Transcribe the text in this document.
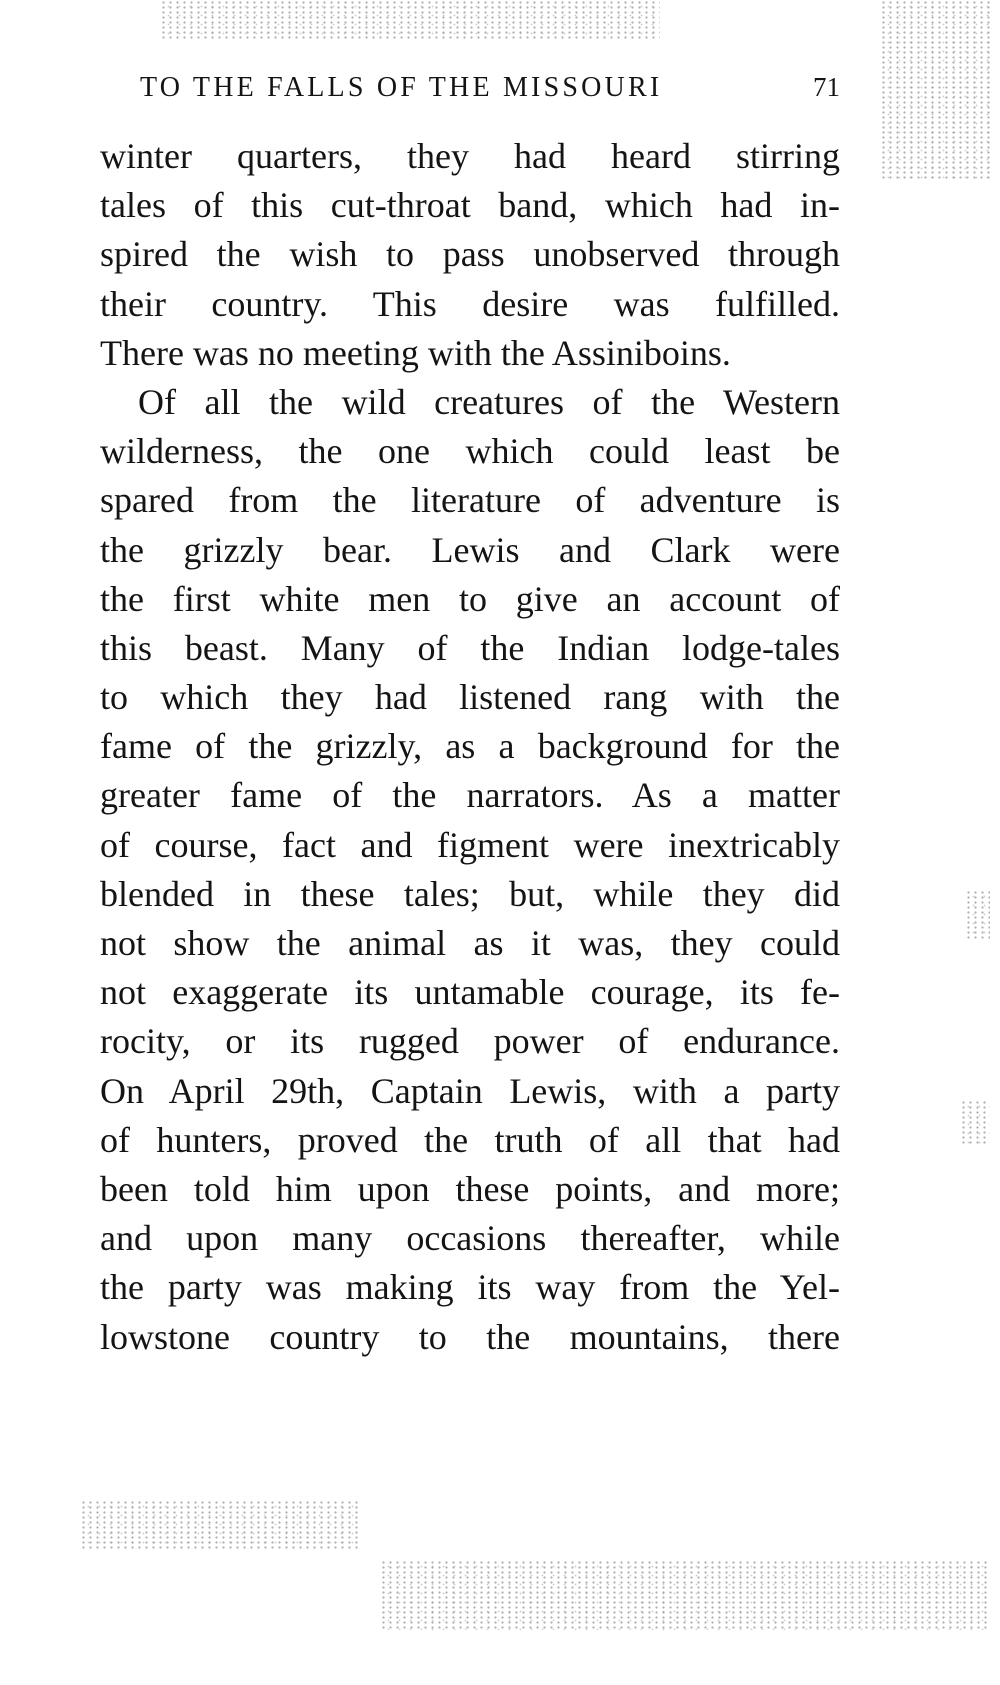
TO THE FALLS OF THE MISSOURI	71
winter quarters, they had heard stirring
tales of this cut-throat band, which had in-
spired the wish to pass unobserved through
their country. This desire was fulfilled.
There was no meeting with the Assiniboins.
Of all the wild creatures of the Western
wilderness, the one which could least be
spared from the literature of adventure is
the grizzly bear. Lewis and Clark were
the first white men to give an account of
this beast. Many of the Indian lodge-tales
to which they had listened rang with the
fame of the grizzly, as a background for the
greater fame of the narrators. As a matter
of course, fact and figment were inextricably
blended in these tales; but, while they did
not show the animal as it was, they could
not exaggerate its untamable courage, its fe-
rocity, or its rugged power of endurance.
On April 29th, Captain Lewis, with a party
of hunters, proved the truth of all that had
been told him upon these points, and more;
and upon many occasions thereafter, while
the party was making its way from the Yel-
lowstone country to the mountains, there
